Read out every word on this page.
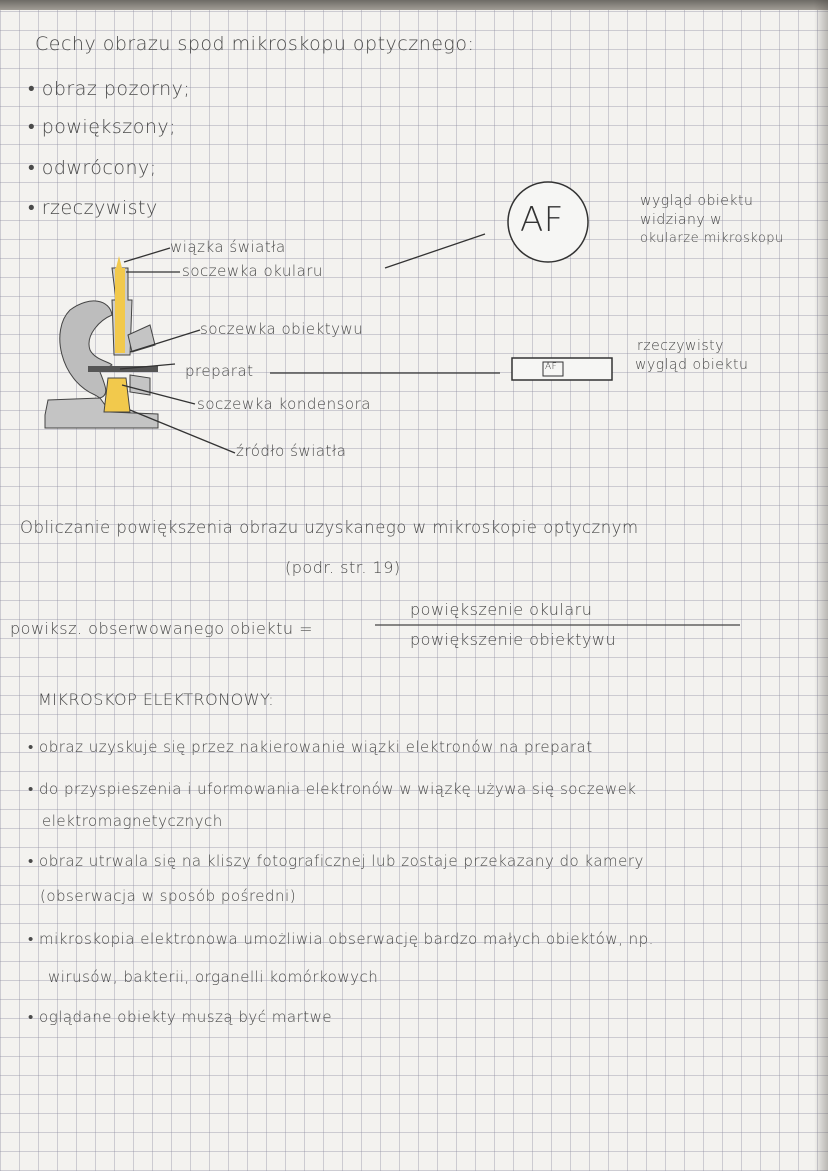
Cechy obrazu spod mikroskopu optycznego:
• obraz pozorny;
• powiększony;
• odwrócony;
• rzeczywisty
wiązka światła
soczewka okularu
soczewka obiektywu
preparat
soczewka kondensora
źródło światła
AF	wygląd obiektu
widziany w
okularze mikroskopu
AF
rzeczywisty
wygląd obiektu
Obliczanie powiększenia obrazu uzyskanego w mikroskopie optycznym
(podr. str. 19)
powiksz. obserwowanego obiektu =
powiększenie okularu
powiększenie obiektywu
MIKROSKOP ELEKTRONOWY:
• obraz uzyskuje się przez nakierowanie wiązki elektronów na preparat
• do przyspieszenia i uformowania elektronów w wiązkę używa się soczewek
elektromagnetycznych
• obraz utrwala się na kliszy fotograficznej lub zostaje przekazany do kamery
(obserwacja w sposób pośredni)
• mikroskopia elektronowa umożliwia obserwację bardzo małych obiektów, np.
wirusów, bakterii, organelli komórkowych
• oglądane obiekty muszą być martwe
